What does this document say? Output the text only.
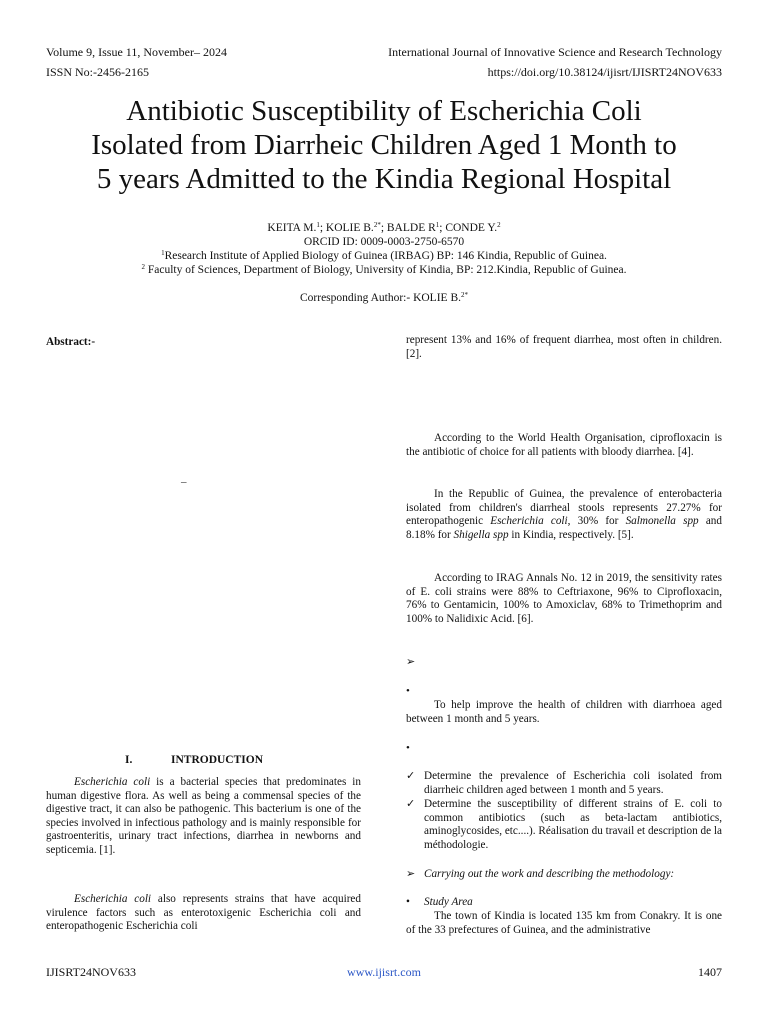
Volume 9, Issue 11, November– 2024	International Journal of Innovative Science and Research Technology
ISSN No:-2456-2165	https://doi.org/10.38124/ijisrt/IJISRT24NOV633
Antibiotic Susceptibility of Escherichia Coli
Isolated from Diarrheic Children Aged 1 Month to
5 years Admitted to the Kindia Regional Hospital
KEITA M.$^1$; KOLIE B.$^{2*}$; BALDE $R^1$; CONDE Y.$^2$
ORCID ID: 0009-0003-2750-6570
$^1$Research Institute of Applied Biology of Guinea (IRBAG) BP: 146 Kindia, Republic of Guinea.
$^2$ Faculty of Sciences, Department of Biology, University of Kindia, BP: 212.Kindia, Republic of Guinea.
Corresponding Author:- KOLIE B.$^{2*}$
Abstract:-
–
I.	INTRODUCTION
Escherichia coli is a bacterial species that predominates in human digestive flora. As well as being a commensal species of the digestive tract, it can also be pathogenic. This bacterium is one of the species involved in infectious pathology and is mainly responsible for gastroenteritis, urinary tract infections, diarrhea in newborns and septicemia. [1].
Escherichia coli also represents strains that have acquired virulence factors such as enterotoxigenic Escherichia coli and enteropathogenic Escherichia coli
represent 13% and 16% of frequent diarrhea, most often in children. [2].
According to the World Health Organisation, ciprofloxacin is the antibiotic of choice for all patients with bloody diarrhea. [4].
In the Republic of Guinea, the prevalence of enterobacteria isolated from children's diarrheal stools represents 27.27% for enteropathogenic Escherichia coli, 30% for Salmonella spp and 8.18% for Shigella spp in Kindia, respectively. [5].
According to IRAG Annals No. 12 in 2019, the sensitivity rates of E. coli strains were 88% to Ceftriaxone, 96% to Ciprofloxacin, 76% to Gentamicin, 100% to Amoxiclav, 68% to Trimethoprim and 100% to Nalidixic Acid. [6].
➢
•
To help improve the health of children with diarrhoea aged between 1 month and 5 years.
•
✓ Determine the prevalence of Escherichia coli isolated from diarrheic children aged between 1 month and 5 years.
✓ Determine the susceptibility of different strains of E. coli to common antibiotics (such as beta-lactam antibiotics, aminoglycosides, etc....). Réalisation du travail et description de la méthodologie.
➢ Carrying out the work and describing the methodology:
• Study Area
The town of Kindia is located 135 km from Conakry. It is one of the 33 prefectures of Guinea, and the administrative
IJISRT24NOV633	www.ijisrt.com	1407
